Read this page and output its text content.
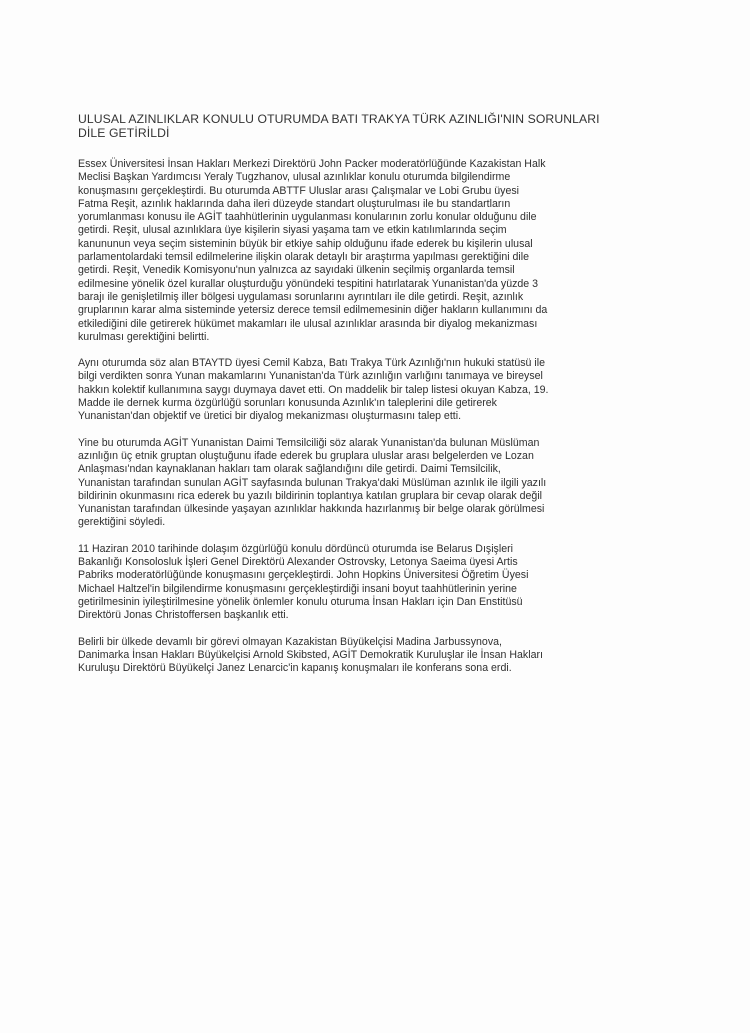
ULUSAL AZINLIKLAR KONULU OTURUMDA BATI TRAKYA TÜRK AZINLIĞI'NIN SORUNLARI
DİLE GETİRİLDİ

Essex Üniversitesi İnsan Hakları Merkezi Direktörü John Packer moderatörlüğünde Kazakistan Halk
Meclisi Başkan Yardımcısı Yeraly Tugzhanov, ulusal azınlıklar konulu oturumda bilgilendirme
konuşmasını gerçekleştirdi. Bu oturumda ABTTF Uluslar arası Çalışmalar ve Lobi Grubu üyesi
Fatma Reşit, azınlık haklarında daha ileri düzeyde standart oluşturulması ile bu standartların
yorumlanması konusu ile AGİT taahhütlerinin uygulanması konularının zorlu konular olduğunu dile
getirdi. Reşit, ulusal azınlıklara üye kişilerin siyasi yaşama tam ve etkin katılımlarında seçim
kanununun veya seçim sisteminin büyük bir etkiye sahip olduğunu ifade ederek bu kişilerin ulusal
parlamentolardaki temsil edilmelerine ilişkin olarak detaylı bir araştırma yapılması gerektiğini dile
getirdi. Reşit, Venedik Komisyonu'nun yalnızca az sayıdaki ülkenin seçilmiş organlarda temsil
edilmesine yönelik özel kurallar oluşturduğu yönündeki tespitini hatırlatarak Yunanistan'da yüzde 3
barajı ile genişletilmiş iller bölgesi uygulaması sorunlarını ayrıntıları ile dile getirdi. Reşit, azınlık
gruplarının karar alma sisteminde yetersiz derece temsil edilmemesinin diğer hakların kullanımını da
etkilediğini dile getirerek hükümet makamları ile ulusal azınlıklar arasında bir diyalog mekanizması
kurulması gerektiğini belirtti.

Aynı oturumda söz alan BTAYTD üyesi Cemil Kabza, Batı Trakya Türk Azınlığı'nın hukuki statüsü ile
bilgi verdikten sonra Yunan makamlarını Yunanistan'da Türk azınlığın varlığını tanımaya ve bireysel
hakkın kolektif kullanımına saygı duymaya davet etti. On maddelik bir talep listesi okuyan Kabza, 19.
Madde ile dernek kurma özgürlüğü sorunları konusunda Azınlık'ın taleplerini dile getirerek
Yunanistan'dan objektif ve üretici bir diyalog mekanizması oluşturmasını talep etti.

Yine bu oturumda AGİT Yunanistan Daimi Temsilciliği söz alarak Yunanistan'da bulunan Müslüman
azınlığın üç etnik gruptan oluştuğunu ifade ederek bu gruplara uluslar arası belgelerden ve Lozan
Anlaşması'ndan kaynaklanan hakları tam olarak sağlandığını dile getirdi. Daimi Temsilcilik,
Yunanistan tarafından sunulan AGİT sayfasında bulunan Trakya'daki Müslüman azınlık ile ilgili yazılı
bildirinin okunmasını rica ederek bu yazılı bildirinin toplantıya katılan gruplara bir cevap olarak değil
Yunanistan tarafından ülkesinde yaşayan azınlıklar hakkında hazırlanmış bir belge olarak görülmesi
gerektiğini söyledi.

11 Haziran 2010 tarihinde dolaşım özgürlüğü konulu dördüncü oturumda ise Belarus Dışişleri
Bakanlığı Konsolosluk İşleri Genel Direktörü Alexander Ostrovsky, Letonya Saeima üyesi Artis
Pabriks moderatörlüğünde konuşmasını gerçekleştirdi. John Hopkins Üniversitesi Öğretim Üyesi
Michael Haltzel'in bilgilendirme konuşmasını gerçekleştirdiği insani boyut taahhütlerinin yerine
getirilmesinin iyileştirilmesine yönelik önlemler konulu oturuma İnsan Hakları için Dan Enstitüsü
Direktörü Jonas Christoffersen başkanlık etti.

Belirli bir ülkede devamlı bir görevi olmayan Kazakistan Büyükelçisi Madina Jarbussynova,
Danimarka İnsan Hakları Büyükelçisi Arnold Skibsted, AGİT Demokratik Kuruluşlar ile İnsan Hakları
Kuruluşu Direktörü Büyükelçi Janez Lenarcic'in kapanış konuşmaları ile konferans sona erdi.
